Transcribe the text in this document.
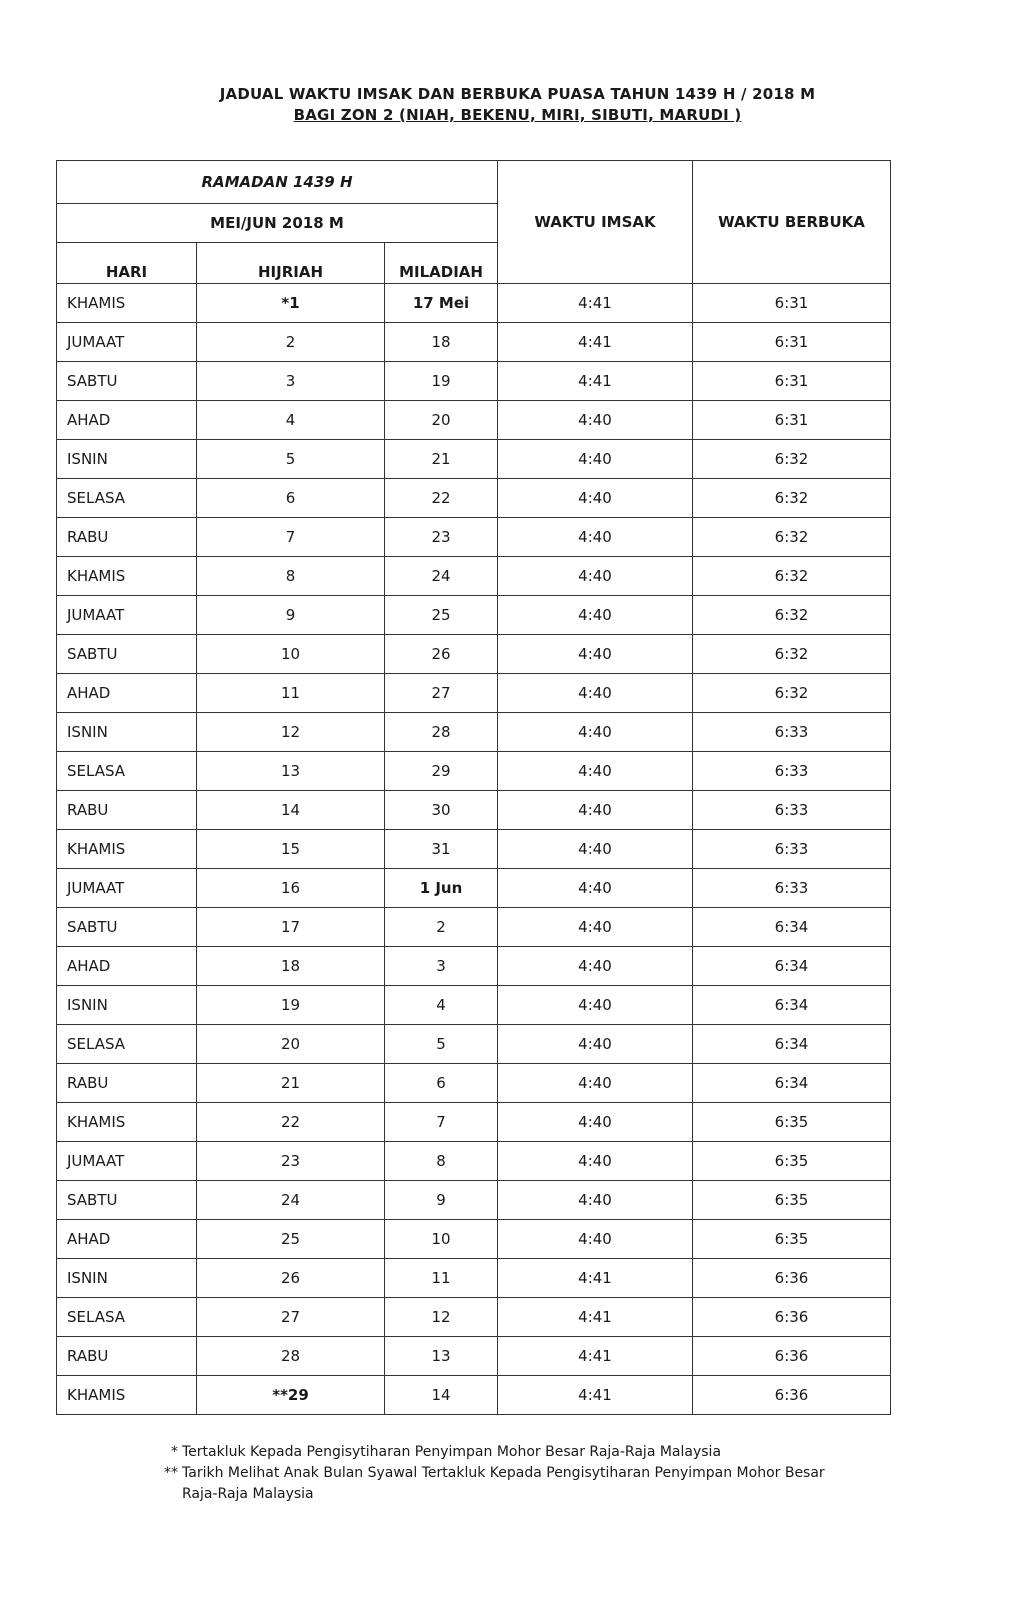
JADUAL WAKTU IMSAK DAN BERBUKA PUASA TAHUN 1439 H / 2018 M
BAGI ZON 2 (NIAH, BEKENU, MIRI, SIBUTI, MARUDI )
RAMADAN 1439 H			WAKTU IMSAK	WAKTU BERBUKA
MEI/JUN 2018 M				
HARI	HIJRIAH	MILADIAH		
KHAMIS	*1	17 Mei	4:41	6:31
JUMAAT	2	18	4:41	6:31
SABTU	3	19	4:41	6:31
AHAD	4	20	4:40	6:31
ISNIN	5	21	4:40	6:32
SELASA	6	22	4:40	6:32
RABU	7	23	4:40	6:32
KHAMIS	8	24	4:40	6:32
JUMAAT	9	25	4:40	6:32
SABTU	10	26	4:40	6:32
AHAD	11	27	4:40	6:32
ISNIN	12	28	4:40	6:33
SELASA	13	29	4:40	6:33
RABU	14	30	4:40	6:33
KHAMIS	15	31	4:40	6:33
JUMAAT	16	1 Jun	4:40	6:33
SABTU	17	2	4:40	6:34
AHAD	18	3	4:40	6:34
ISNIN	19	4	4:40	6:34
SELASA	20	5	4:40	6:34
RABU	21	6	4:40	6:34
KHAMIS	22	7	4:40	6:35
JUMAAT	23	8	4:40	6:35
SABTU	24	9	4:40	6:35
AHAD	25	10	4:40	6:35
ISNIN	26	11	4:41	6:36
SELASA	27	12	4:41	6:36
RABU	28	13	4:41	6:36
KHAMIS	**29	14	4:41	6:36
* Tertakluk Kepada Pengisytiharan Penyimpan Mohor Besar Raja-Raja Malaysia
** Tarikh Melihat Anak Bulan Syawal Tertakluk Kepada Pengisytiharan Penyimpan Mohor Besar Raja-Raja Malaysia
